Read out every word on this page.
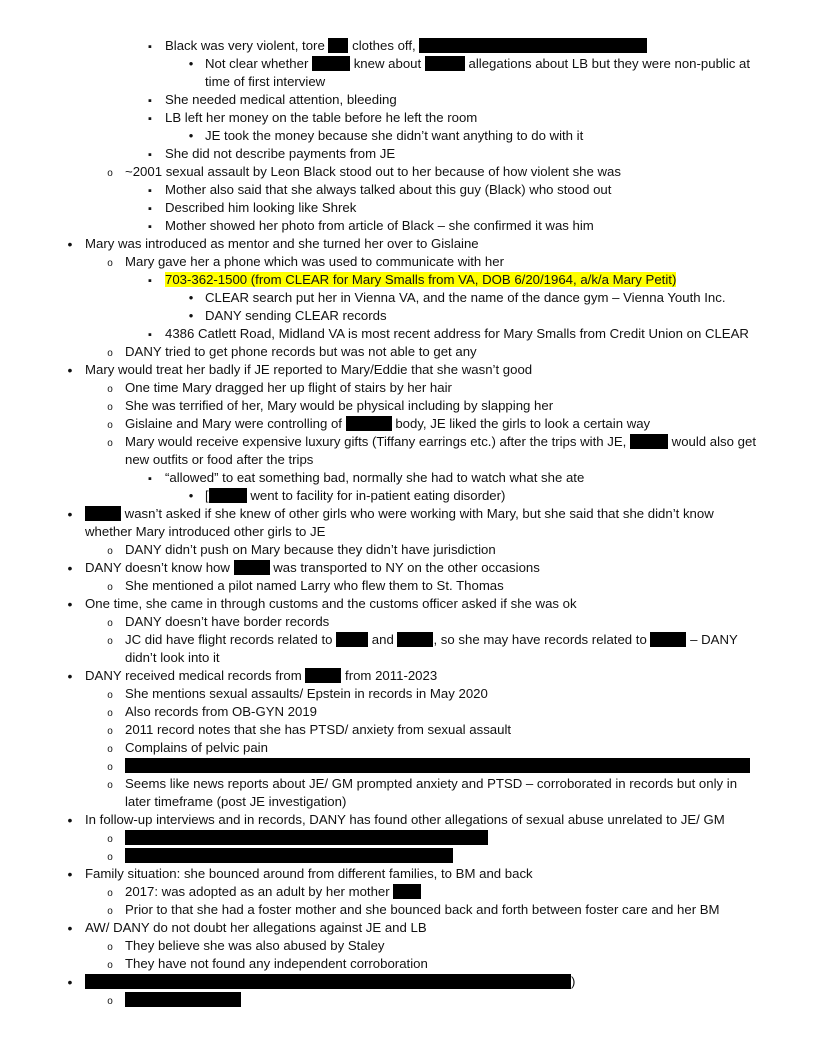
▪
Black was very violent, tore clothes off,
•
Not clear whether	knew about	allegations about LB but they were non-public at
time of first interview
▪
She needed medical attention, bleeding
▪
LB left her money on the table before he left the room
•
JE took the money because she didn’t want anything to do with it
▪
She did not describe payments from JE
o
~2001 sexual assault by Leon Black stood out to her because of how violent she was
▪
Mother also said that she always talked about this guy (Black) who stood out
▪
Described him looking like Shrek
▪
Mother showed her photo from article of Black – she confirmed it was him
•
Mary was introduced as mentor and she turned her over to Gislaine
o
Mary gave her a phone which was used to communicate with her
▪
703-362-1500 (from CLEAR for Mary Smalls from VA, DOB 6/20/1964, a/k/a Mary Petit)
•
CLEAR search put her in Vienna VA, and the name of the dance gym – Vienna Youth Inc.
•
DANY sending CLEAR records
▪
4386 Catlett Road, Midland VA is most recent address for Mary Smalls from Credit Union on CLEAR
o
DANY tried to get phone records but was not able to get any
•
Mary would treat her badly if JE reported to Mary/Eddie that she wasn’t good
o
One time Mary dragged her up flight of stairs by her hair
o
She was terrified of her, Mary would be physical including by slapping her
o
Gislaine and Mary were controlling of	body, JE liked the girls to look a certain way
o
Mary would receive expensive luxury gifts (Tiffany earrings etc.) after the trips with JE,	would also get
new outfits or food after the trips
▪
“allowed” to eat something bad, normally she had to watch what she ate
•
[	went to facility for in-patient eating disorder)
•
wasn’t asked if she knew of other girls who were working with Mary, but she said that she didn’t know
whether Mary introduced other girls to JE
o
DANY didn’t push on Mary because they didn’t have jurisdiction
•
DANY doesn’t know how	was transported to NY on the other occasions
o
She mentioned a pilot named Larry who flew them to St. Thomas
•
One time, she came in through customs and the customs officer asked if she was ok
o
DANY doesn’t have border records
o
JC did have flight records related to	and	, so she may have records related to	– DANY
didn’t look into it
•
DANY received medical records from	from 2011-2023
o
She mentions sexual assaults/ Epstein in records in May 2020
o
Also records from OB-GYN 2019
o
2011 record notes that she has PTSD/ anxiety from sexual assault
o
Complains of pelvic pain
o
o
Seems like news reports about JE/ GM prompted anxiety and PTSD – corroborated in records but only in
later timeframe (post JE investigation)
•
In follow-up interviews and in records, DANY has found other allegations of sexual abuse unrelated to JE/ GM
o
o
•
Family situation: she bounced around from different families, to BM and back
o
2017: was adopted as an adult by her mother
o
Prior to that she had a foster mother and she bounced back and forth between foster care and her BM
•
AW/ DANY do not doubt her allegations against JE and LB
o
They believe she was also abused by Staley
o
They have not found any independent corroboration
•
)
o
